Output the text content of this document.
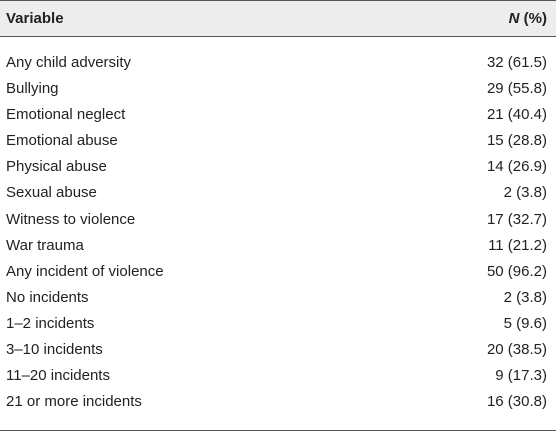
Variable	N (%)
Any child adversity	32 (61.5)
Bullying	29 (55.8)
Emotional neglect	21 (40.4)
Emotional abuse	15 (28.8)
Physical abuse	14 (26.9)
Sexual abuse	2 (3.8)
Witness to violence	17 (32.7)
War trauma	11 (21.2)
Any incident of violence	50 (96.2)
No incidents	2 (3.8)
1–2 incidents	5 (9.6)
3–10 incidents	20 (38.5)
11–20 incidents	9 (17.3)
21 or more incidents	16 (30.8)
